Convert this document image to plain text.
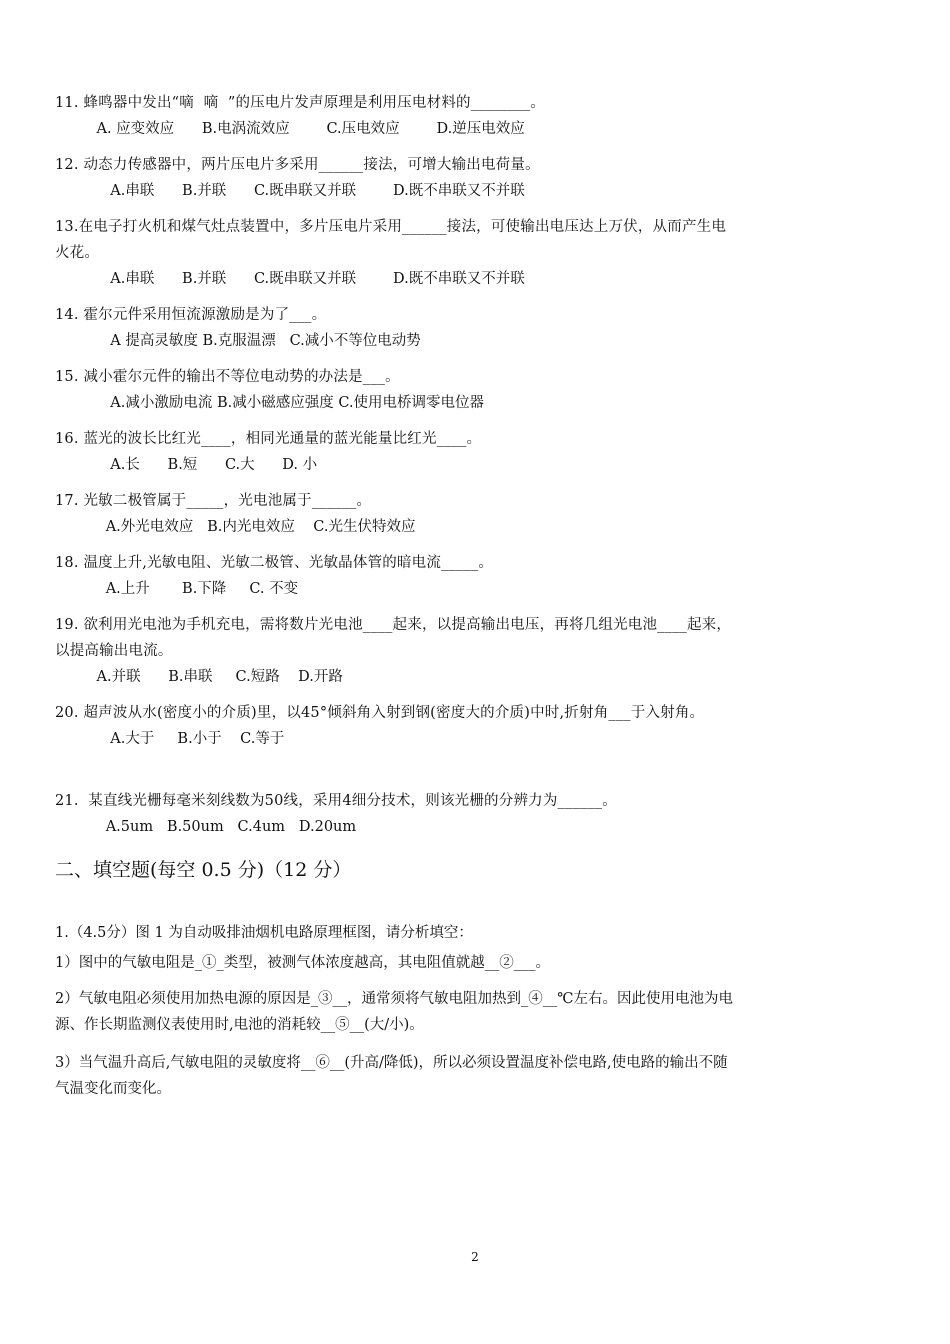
11. 蜂鸣器中发出“嘀  嘀  ”的压电片发声原理是利用压电材料的________。
A. 应变效应      B.电涡流效应        C.压电效应        D.逆压电效应
12. 动态力传感器中，两片压电片多采用______接法，可增大输出电荷量。
A.串联      B.并联      C.既串联又并联        D.既不串联又不并联
13.在电子打火机和煤气灶点装置中，多片压电片采用______接法，可使输出电压达上万伏，从而产生电火花。
A.串联      B.并联      C.既串联又并联        D.既不串联又不并联
14. 霍尔元件采用恒流源激励是为了___。
A 提高灵敏度 B.克服温漂   C.减小不等位电动势
15. 减小霍尔元件的输出不等位电动势的办法是___。
A.减小激励电流 B.减小磁感应强度 C.使用电桥调零电位器
16. 蓝光的波长比红光____，相同光通量的蓝光能量比红光____。
A.长      B.短      C.大      D. 小
17. 光敏二极管属于_____，光电池属于______。
A.外光电效应   B.内光电效应    C.光生伏特效应
18. 温度上升,光敏电阻、光敏二极管、光敏晶体管的暗电流_____。
A.上升       B.下降     C. 不变
19. 欲利用光电池为手机充电，需将数片光电池____起来，以提高输出电压，再将几组光电池____起来，以提高输出电流。
A.并联      B.串联     C.短路    D.开路
20. 超声波从水(密度小的介质)里，以45°倾斜角入射到钢(密度大的介质)中时,折射角___于入射角。
A.大于     B.小于    C.等于
21.  某直线光栅每毫米刻线数为50线，采用4细分技术，则该光栅的分辨力为______。
A.5um   B.50um   C.4um   D.20um
二、填空题(每空 0.5 分)（12 分）
1.（4.5分）图 1 为自动吸排油烟机电路原理框图，请分析填空：
1）图中的气敏电阻是_①_类型，被测气体浓度越高，其电阻值就越__②___。
2）气敏电阻必须使用加热电源的原因是_③__，通常须将气敏电阻加热到_④__℃左右。因此使用电池为电源、作长期监测仪表使用时,电池的消耗较__⑤__(大/小)。
3）当气温升高后,气敏电阻的灵敏度将__⑥__(升高/降低)，所以必须设置温度补偿电路,使电路的输出不随气温变化而变化。
2
